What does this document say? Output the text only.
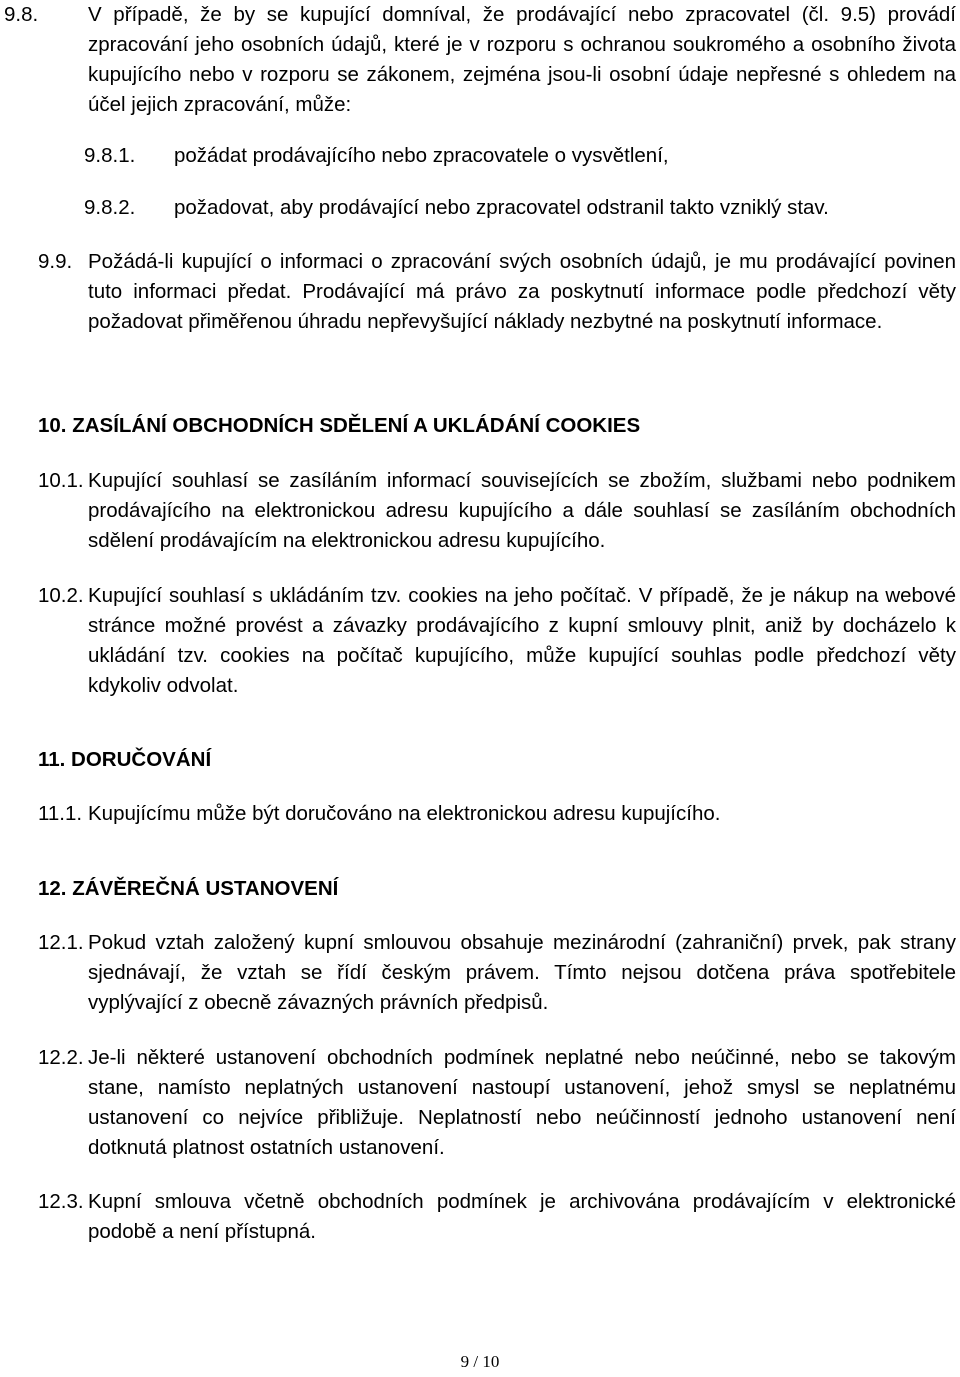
9.8. V případě, že by se kupující domníval, že prodávající nebo zpracovatel (čl. 9.5) provádí zpracování jeho osobních údajů, které je v rozporu s ochranou soukromého a osobního života kupujícího nebo v rozporu se zákonem, zejména jsou-li osobní údaje nepřesné s ohledem na účel jejich zpracování, může:
9.8.1. požádat prodávajícího nebo zpracovatele o vysvětlení,
9.8.2. požadovat, aby prodávající nebo zpracovatel odstranil takto vzniklý stav.
9.9. Požádá-li kupující o informaci o zpracování svých osobních údajů, je mu prodávající povinen tuto informaci předat. Prodávající má právo za poskytnutí informace podle předchozí věty požadovat přiměřenou úhradu nepřevyšující náklady nezbytné na poskytnutí informace.
10. ZASÍLÁNÍ OBCHODNÍCH SDĚLENÍ A UKLÁDÁNÍ COOKIES
10.1. Kupující souhlasí se zasíláním informací souvisejících se zbožím, službami nebo podnikem prodávajícího na elektronickou adresu kupujícího a dále souhlasí se zasíláním obchodních sdělení prodávajícím na elektronickou adresu kupujícího.
10.2. Kupující souhlasí s ukládáním tzv. cookies na jeho počítač. V případě, že je nákup na webové stránce možné provést a závazky prodávajícího z kupní smlouvy plnit, aniž by docházelo k ukládání tzv. cookies na počítač kupujícího, může kupující souhlas podle předchozí věty kdykoliv odvolat.
11. DORUČOVÁNÍ
11.1. Kupujícímu může být doručováno na elektronickou adresu kupujícího.
12. ZÁVĚREČNÁ USTANOVENÍ
12.1. Pokud vztah založený kupní smlouvou obsahuje mezinárodní (zahraniční) prvek, pak strany sjednávají, že vztah se řídí českým právem. Tímto nejsou dotčena práva spotřebitele vyplývající z obecně závazných právních předpisů.
12.2. Je-li některé ustanovení obchodních podmínek neplatné nebo neúčinné, nebo se takovým stane, namísto neplatných ustanovení nastoupí ustanovení, jehož smysl se neplatnému ustanovení co nejvíce přibližuje. Neplatností nebo neúčinností jednoho ustanovení není dotknutá platnost ostatních ustanovení.
12.3. Kupní smlouva včetně obchodních podmínek je archivována prodávajícím v elektronické podobě a není přístupná.
9 / 10
